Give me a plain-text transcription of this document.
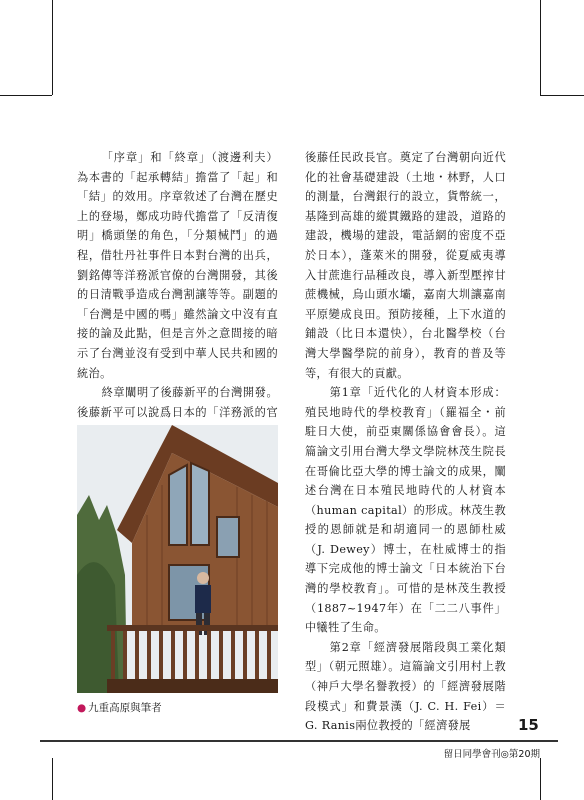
「序章」和「終章」（渡邊利夫）為本書的「起承轉結」擔當了「起」和「結」的效用。序章敘述了台灣在歷史上的登場，鄭成功時代擔當了「反清復明」橋頭堡的角色，「分類械鬥」的過程，借牡丹社事件日本對台灣的出兵，劉銘傳等洋務派官僚的台灣開發，其後的日清戰爭造成台灣割讓等等。副題的「台灣是中國的嗎」雖然論文中沒有直接的論及此點，但是言外之意間接的暗示了台灣並沒有受到中華人民共和國的統治。

終章闡明了後藤新平的台灣開發。後藤新平可以說爲日本的「洋務派的官

● 九重高原與筆者

後藤任民政長官。奠定了台灣朝向近代化的社會基礎建設（土地・林野，人口的測量，台灣銀行的設立，貨幣統一，基隆到高雄的縱貫鐵路的建設，道路的建設，機場的建設，電話網的密度不亞於日本），蓬萊米的開發，從夏威夷導入甘蔗進行品種改良，導入新型壓搾甘蔗機械，烏山頭水壩，嘉南大圳讓嘉南平原變成良田。預防接種，上下水道的鋪設（比日本還快），台北醫學校（台灣大學醫學院的前身），教育的普及等等，有很大的貢獻。

第1章「近代化的人材資本形成：殖民地時代的學校教育」（羅福全・前駐日大使，前亞東關係協會會長）。這篇論文引用台灣大學文學院林茂生院長在哥倫比亞大學的博士論文的成果，闡述台灣在日本殖民地時代的人材資本（human capital）的形成。林茂生教授的恩師就是和胡適同一的恩師杜威（J. Dewey）博士，在杜威博士的指導下完成他的博士論文「日本統治下台灣的學校教育」。可惜的是林茂生教授（1887~1947年）在「二二八事件」中犧牲了生命。

第2章「經濟發展階段與工業化類型」（朝元照雄）。這篇論文引用村上教（神戶大學名譽教授）的「經濟發展階段模式」和費景漢（J. C. H. Fei）＝G. Ranis兩位教授的「經濟發展	15
留日同學會刊◎第20期
